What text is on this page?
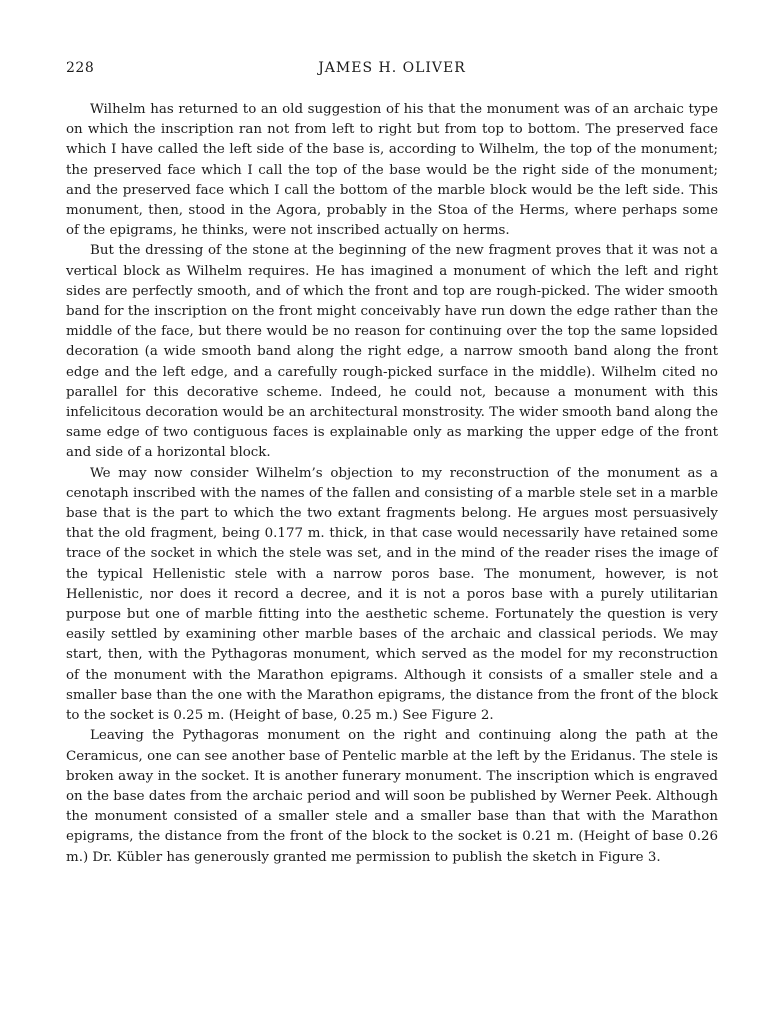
228	JAMES H. OLIVER

Wilhelm has returned to an old suggestion of his that the monument was of an archaic type on which the inscription ran not from left to right but from top to bottom. The preserved face which I have called the left side of the base is, according to Wilhelm, the top of the monument; the preserved face which I call the top of the base would be the right side of the monument; and the preserved face which I call the bottom of the marble block would be the left side. This monument, then, stood in the Agora, probably in the Stoa of the Herms, where perhaps some of the epigrams, he thinks, were not inscribed actually on herms.

But the dressing of the stone at the beginning of the new fragment proves that it was not a vertical block as Wilhelm requires. He has imagined a monument of which the left and right sides are perfectly smooth, and of which the front and top are rough-picked. The wider smooth band for the inscription on the front might conceivably have run down the edge rather than the middle of the face, but there would be no reason for continuing over the top the same lopsided decoration (a wide smooth band along the right edge, a narrow smooth band along the front edge and the left edge, and a carefully rough-picked surface in the middle). Wilhelm cited no parallel for this decorative scheme. Indeed, he could not, because a monument with this infelicitous decoration would be an architectural monstrosity. The wider smooth band along the same edge of two contiguous faces is explainable only as marking the upper edge of the front and side of a horizontal block.

We may now consider Wilhelm’s objection to my reconstruction of the monument as a cenotaph inscribed with the names of the fallen and consisting of a marble stele set in a marble base that is the part to which the two extant fragments belong. He argues most persuasively that the old fragment, being 0.177 m. thick, in that case would necessarily have retained some trace of the socket in which the stele was set, and in the mind of the reader rises the image of the typical Hellenistic stele with a narrow poros base. The monument, however, is not Hellenistic, nor does it record a decree, and it is not a poros base with a purely utilitarian purpose but one of marble fitting into the aesthetic scheme. Fortunately the question is very easily settled by examining other marble bases of the archaic and classical periods. We may start, then, with the Pythagoras monument, which served as the model for my reconstruction of the monument with the Marathon epigrams. Although it consists of a smaller stele and a smaller base than the one with the Marathon epigrams, the distance from the front of the block to the socket is 0.25 m. (Height of base, 0.25 m.) See Figure 2.

Leaving the Pythagoras monument on the right and continuing along the path at the Ceramicus, one can see another base of Pentelic marble at the left by the Eridanus. The stele is broken away in the socket. It is another funerary monument. The inscription which is engraved on the base dates from the archaic period and will soon be published by Werner Peek. Although the monument consisted of a smaller stele and a smaller base than that with the Marathon epigrams, the distance from the front of the block to the socket is 0.21 m. (Height of base 0.26 m.) Dr. Kübler has generously granted me permission to publish the sketch in Figure 3.
